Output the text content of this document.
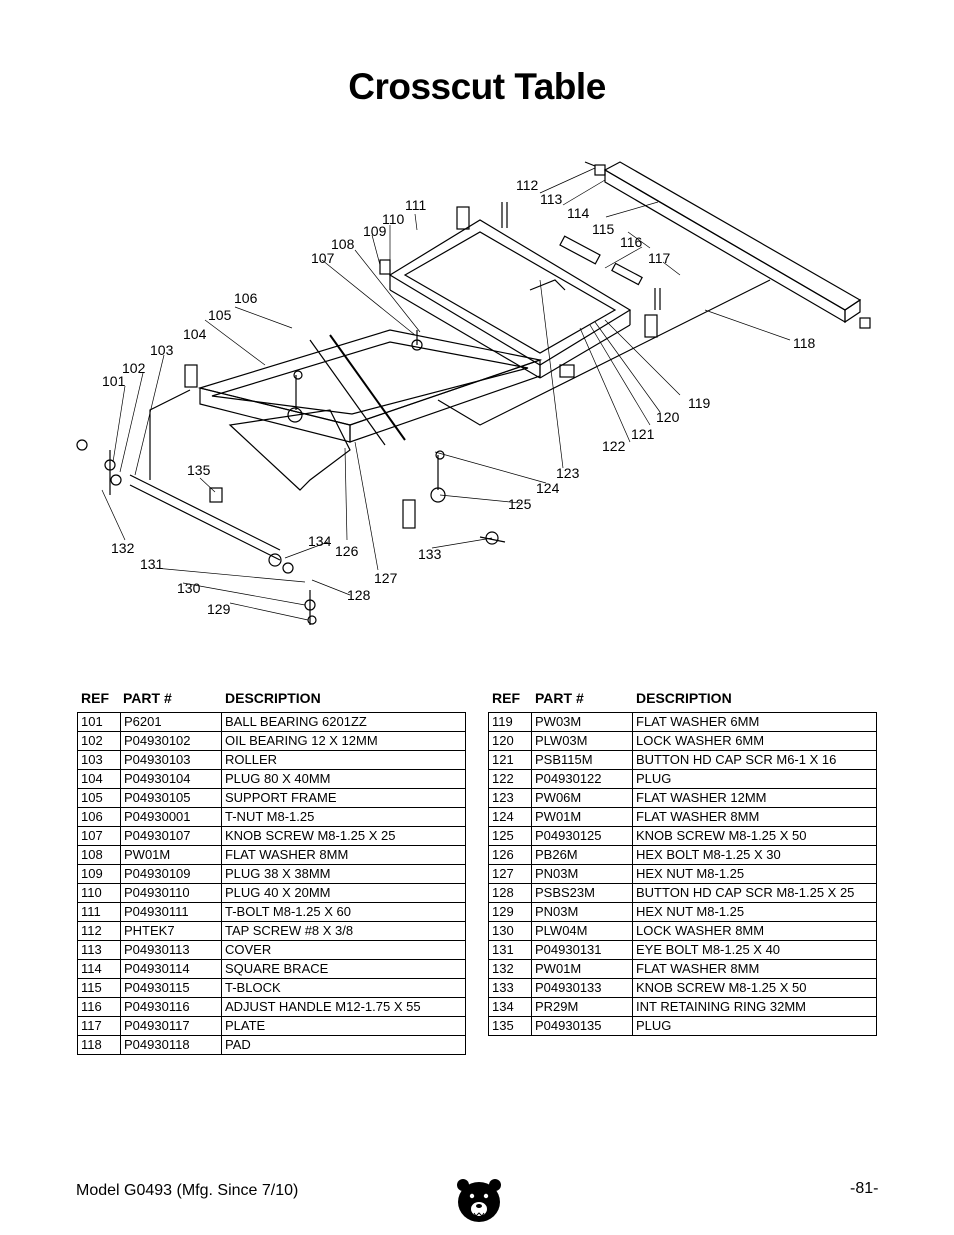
Crosscut Table
101
102
103
104
105
106
107
108
109
110
111
112
113
114
115
116
117
118
119
120
121
122
123
124
125
126
127
128
129
130
131
132	133
134
135
REF PART #	DESCRIPTION
101	P6201	BALL BEARING 6201ZZ
102	P04930102	OIL BEARING 12 X 12MM
103	P04930103	ROLLER
104	P04930104	PLUG 80 X 40MM
105	P04930105	SUPPORT FRAME
106	P04930001	T-NUT M8-1.25
107	P04930107	KNOB SCREW M8-1.25 X 25
108	PW01M	FLAT WASHER 8MM
109	P04930109	PLUG 38 X 38MM
110	P04930110	PLUG 40 X 20MM
111	P04930111	T-BOLT M8-1.25 X 60
112	PHTEK7	TAP SCREW #8 X 3/8
113	P04930113	COVER
114	P04930114	SQUARE BRACE
115	P04930115	T-BLOCK
116	P04930116	ADJUST HANDLE M12-1.75 X 55
117	P04930117	PLATE
118	P04930118	PAD
REF PART #	DESCRIPTION
119	PW03M	FLAT WASHER 6MM
120	PLW03M	LOCK WASHER 6MM
121	PSB115M	BUTTON HD CAP SCR M6-1 X 16
122	P04930122	PLUG
123	PW06M	FLAT WASHER 12MM
124	PW01M	FLAT WASHER 8MM
125	P04930125	KNOB SCREW M8-1.25 X 50
126	PB26M	HEX BOLT M8-1.25 X 30
127	PN03M	HEX NUT M8-1.25
128	PSBS23M	BUTTON HD CAP SCR M8-1.25 X 25
129	PN03M	HEX NUT M8-1.25
130	PLW04M	LOCK WASHER 8MM
131	P04930131	EYE BOLT M8-1.25 X 40
132	PW01M	FLAT WASHER 8MM
133	P04930133	KNOB SCREW M8-1.25 X 50
134	PR29M	INT RETAINING RING 32MM
135	P04930135	PLUG
Model G0493 (Mfg. Since 7/10)	-81-
